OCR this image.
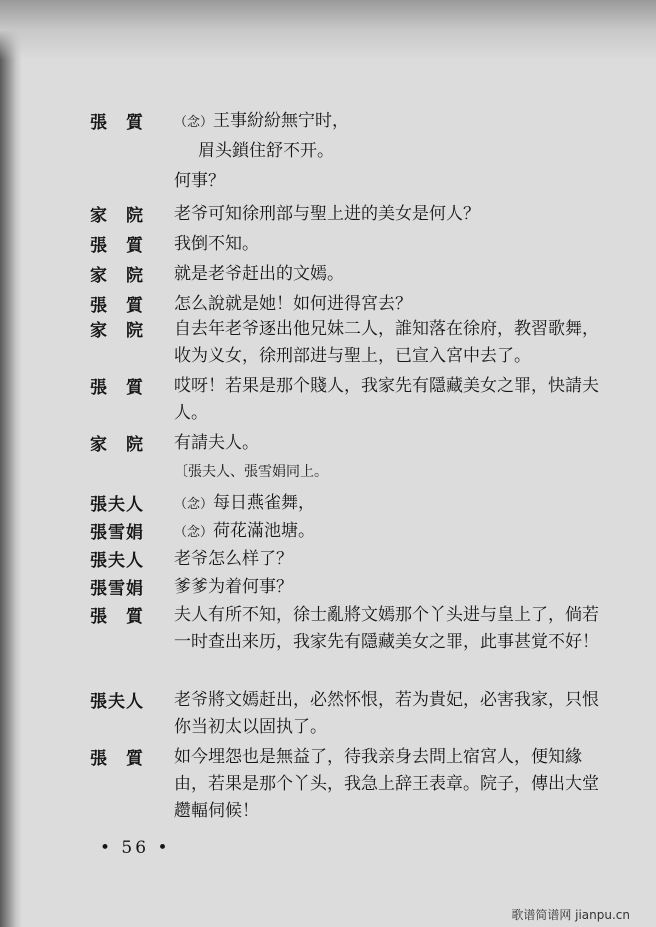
張　質	（念）王事紛紛無宁时，
眉头鎖住舒不开。
何事？
家　院	老爷可知徐刑部与聖上进的美女是何人？
張　質	我倒不知。
家　院	就是老爷赶出的文嫣。
張　質	怎么說就是她！如何进得宮去？
家　院	自去年老爷逐出他兄妹二人，誰知落在徐府，教習歌舞，收为义女，徐刑部进与聖上，已宣入宮中去了。
張　質	哎呀！若果是那个賤人，我家先有隱藏美女之罪，快請夫人。
家　院	有請夫人。
〔張夫人、張雪娟同上。
張夫人	（念）每日燕雀舞，
張雪娟	（念）荷花滿池塘。
張夫人	老爷怎么样了？
張雪娟	爹爹为着何事？
張　質	夫人有所不知，徐士亂將文嫣那个丫头进与皇上了，倘若一时查出来历，我家先有隱藏美女之罪，此事甚覚不好！
張夫人	老爷將文嫣赶出，必然怀恨，若为貴妃，必害我家，只恨你当初太以固执了。
張　質	如今埋怨也是無益了，待我亲身去問上宿宮人，便知緣由，若果是那个丫头，我急上辞王表章。院子，傳出大堂趱輻伺候！
• 56 •
歌谱简谱网 jianpu.cn
